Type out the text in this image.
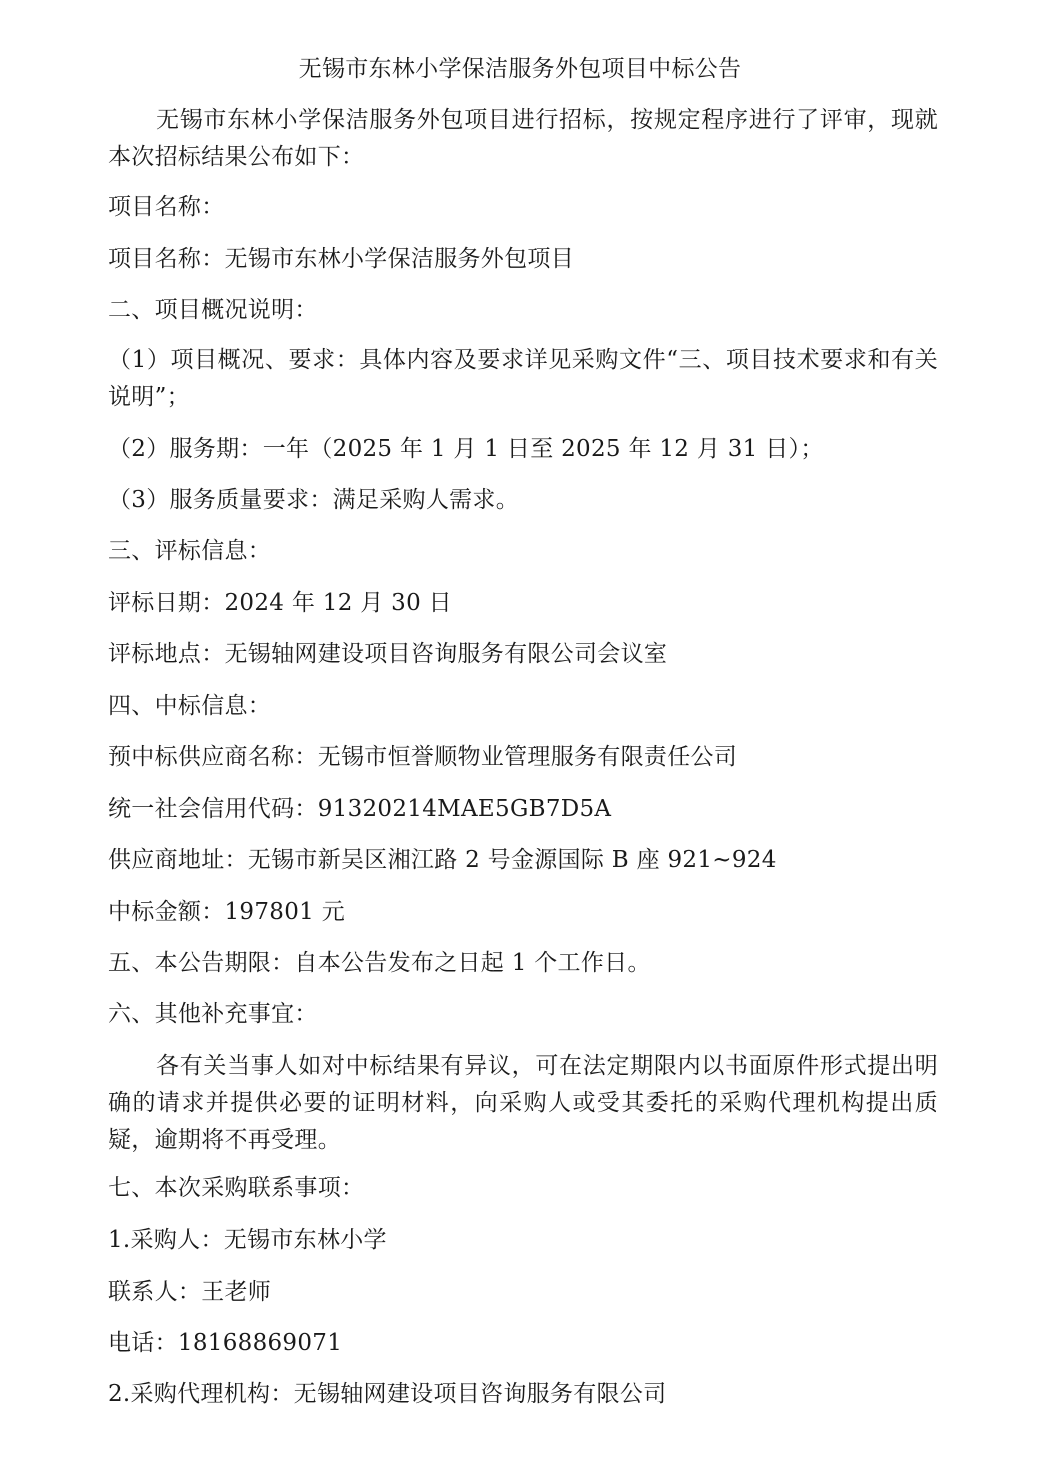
无锡市东林小学保洁服务外包项目中标公告
无锡市东林小学保洁服务外包项目进行招标，按规定程序进行了评审，现就本次招标结果公布如下：
项目名称：
项目名称：无锡市东林小学保洁服务外包项目
二、项目概况说明：
（1）项目概况、要求：具体内容及要求详见采购文件“三、项目技术要求和有关说明”；
（2）服务期：一年（2025 年 1 月 1 日至 2025 年 12 月 31 日）；
（3）服务质量要求：满足采购人需求。
三、评标信息：
评标日期：2024 年 12 月 30 日
评标地点：无锡轴网建设项目咨询服务有限公司会议室
四、中标信息：
预中标供应商名称：无锡市恒誉顺物业管理服务有限责任公司
统一社会信用代码：91320214MAE5GB7D5A
供应商地址：无锡市新吴区湘江路 2 号金源国际 B 座 921~924
中标金额：197801 元
五、本公告期限：自本公告发布之日起 1 个工作日。
六、其他补充事宜：
各有关当事人如对中标结果有异议，可在法定期限内以书面原件形式提出明确的请求并提供必要的证明材料，向采购人或受其委托的采购代理机构提出质疑，逾期将不再受理。
七、本次采购联系事项：
1.采购人：无锡市东林小学
联系人：王老师
电话：18168869071
2.采购代理机构：无锡轴网建设项目咨询服务有限公司
